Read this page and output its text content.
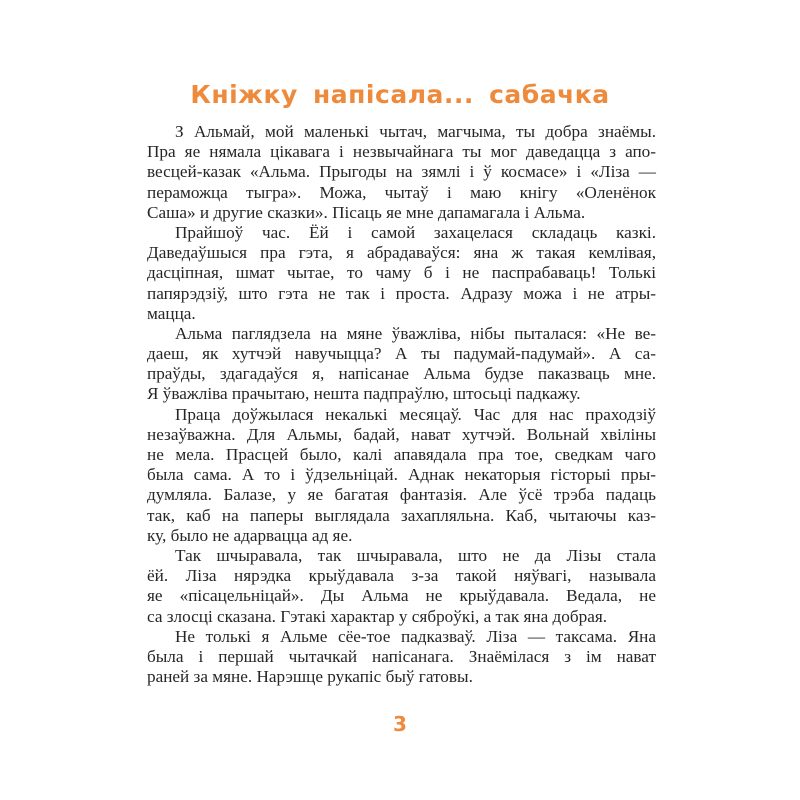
Кніжку напісала... сабачка
З Альмай, мой маленькі чытач, магчыма, ты добра знаёмы.
Пра яе нямала цікавага і незвычайнага ты мог даведацца з апо-
весцей-казак «Альма. Прыгоды на зямлі і ў космасе» і «Ліза —
пераможца тыгра». Можа, чытаў і маю кнігу «Оленёнок
Саша» и другие сказки». Пісаць яе мне дапамагала і Альма.
Прайшоў час. Ёй і самой захацелася складаць казкі.
Даведаўшыся пра гэта, я абрадаваўся: яна ж такая кемлівая,
дасціпная, шмат чытае, то чаму б і не паспрабаваць! Толькі
папярэдзіў, што гэта не так і проста. Адразу можа і не атры-
мацца.
Альма паглядзела на мяне ўважліва, нібы пыталася: «Не ве-
даеш, як хутчэй навучыцца? А ты падумай-падумай». А са-
праўды, здагадаўся я, напісанае Альма будзе паказваць мне.
Я ўважліва прачытаю, нешта падпраўлю, штосьці падкажу.
Праца доўжылася некалькі месяцаў. Час для нас праходзіў
незаўважна. Для Альмы, бадай, нават хутчэй. Вольнай хвіліны
не мела. Прасцей было, калі апавядала пра тое, сведкам чаго
была сама. А то і ўдзельніцай. Аднак некаторыя гісторыі пры-
думляла. Балазе, у яе багатая фантазія. Але ўсё трэба падаць
так, каб на паперы выглядала захапляльна. Каб, чытаючы каз-
ку, было не адарвацца ад яе.
Так шчыравала, так шчыравала, што не да Лізы стала
ёй. Ліза нярэдка крыўдавала з-за такой няўвагі, называла
яе «пісацельніцай». Ды Альма не крыўдавала. Ведала, не
са злосці сказана. Гэтакі характар у сяброўкі, а так яна добрая.
Не толькі я Альме сёе-тое падказваў. Ліза — таксама. Яна
была і першай чытачкай напісанага. Знаёмілася з ім нават
раней за мяне. Нарэшце рукапіс быў гатовы.
3
